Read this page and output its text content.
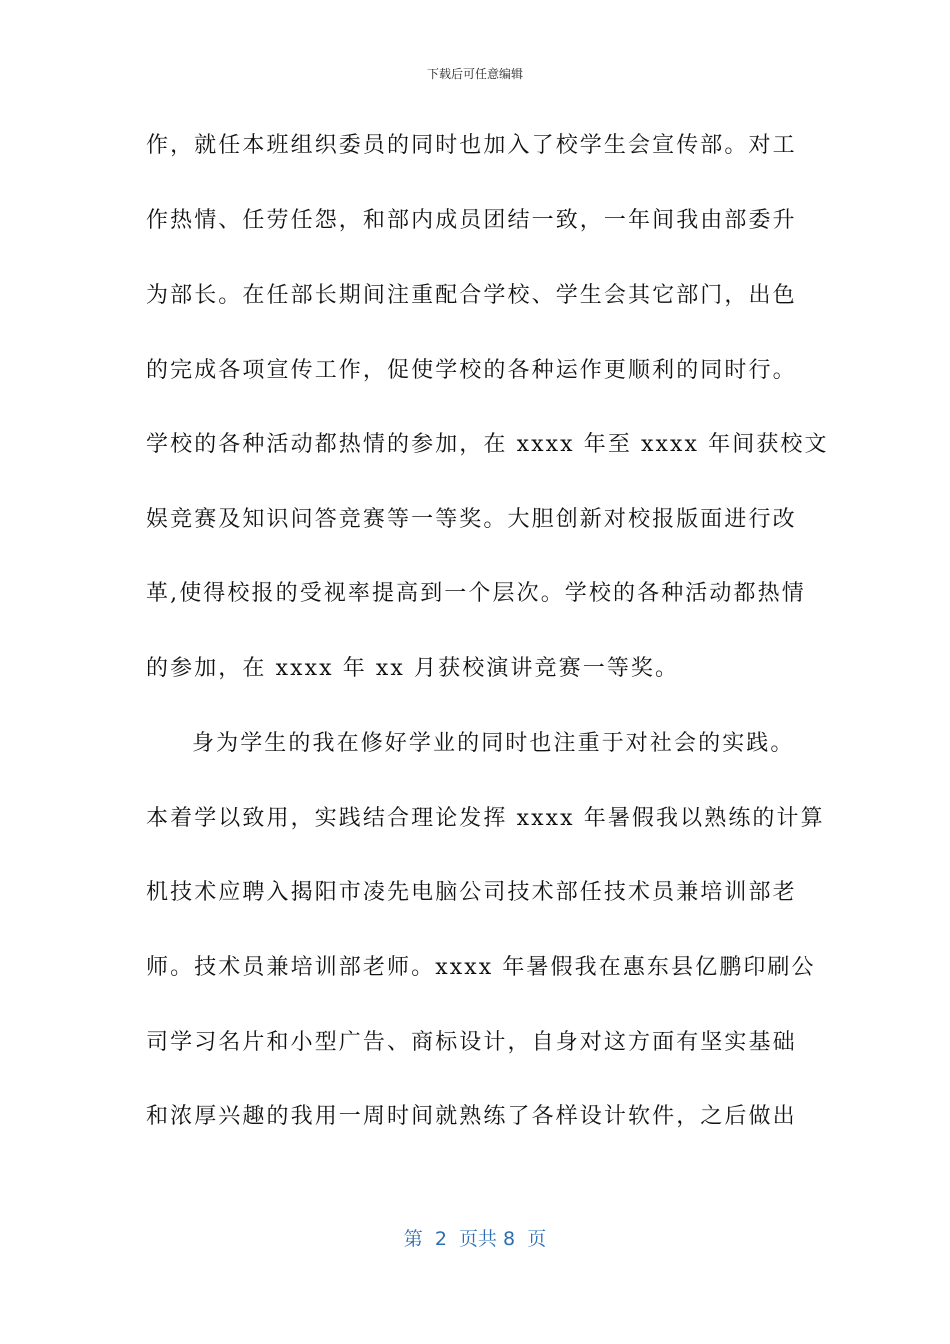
下载后可任意编辑
作，就任本班组织委员的同时也加入了校学生会宣传部。对工
作热情、任劳任怨，和部内成员团结一致，一年间我由部委升
为部长。在任部长期间注重配合学校、学生会其它部门，出色
的完成各项宣传工作，促使学校的各种运作更顺利的同时行。
学校的各种活动都热情的参加，在 xxxx 年至 xxxx 年间获校文
娱竞赛及知识问答竞赛等一等奖。大胆创新对校报版面进行改
革,使得校报的受视率提高到一个层次。学校的各种活动都热情
的参加，在 xxxx 年 xx 月获校演讲竞赛一等奖。
身为学生的我在修好学业的同时也注重于对社会的实践。
本着学以致用，实践结合理论发挥 xxxx 年暑假我以熟练的计算
机技术应聘入揭阳市凌先电脑公司技术部任技术员兼培训部老
师。技术员兼培训部老师。xxxx 年暑假我在惠东县亿鹏印刷公
司学习名片和小型广告、商标设计，自身对这方面有坚实基础
和浓厚兴趣的我用一周时间就熟练了各样设计软件，之后做出
第  2  页共 8  页
